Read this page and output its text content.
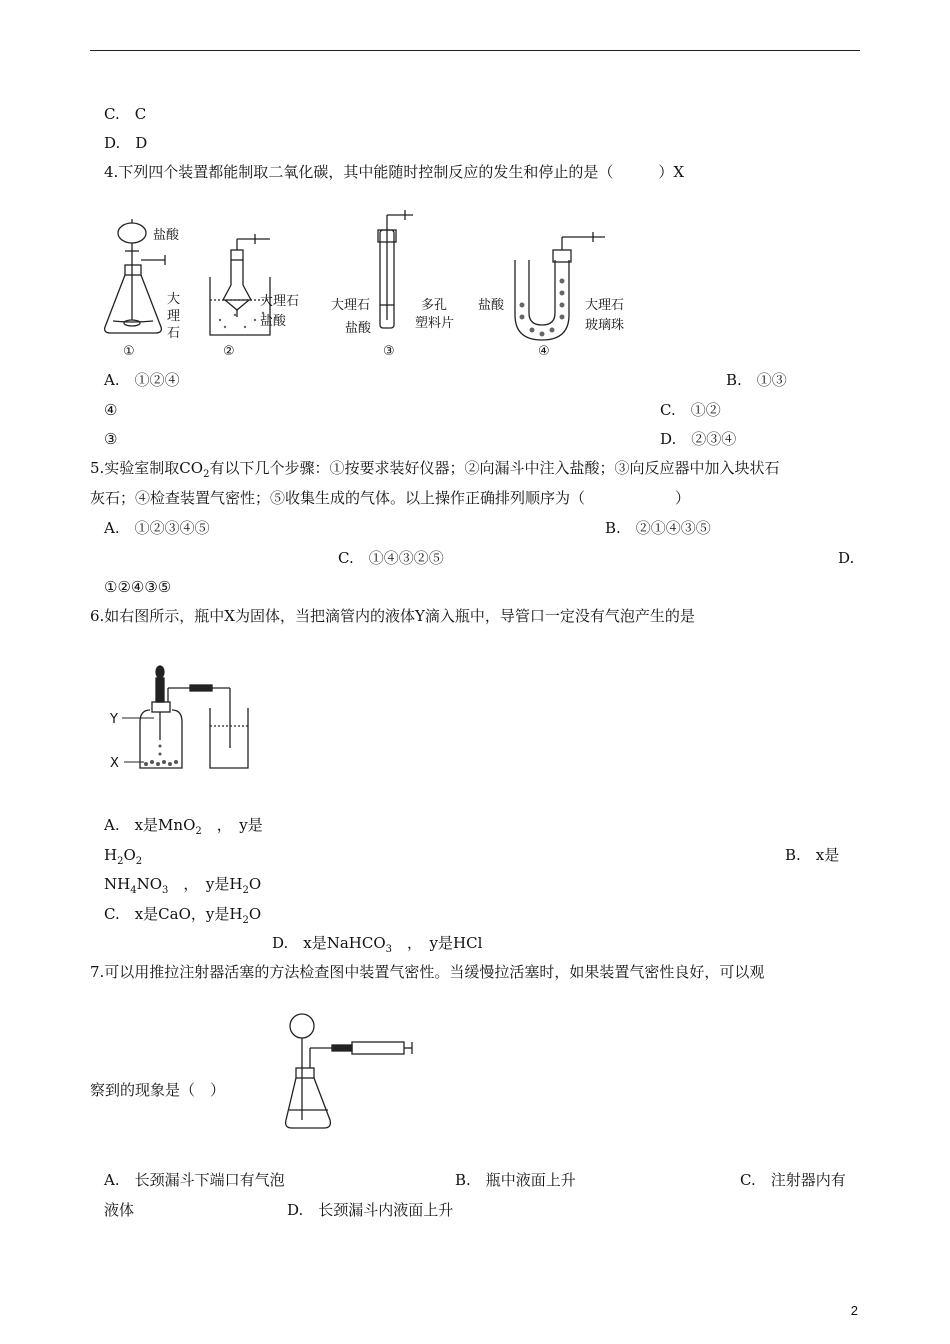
C.　C
D.　D
4.下列四个装置都能制取二氧化碳，其中能随时控制反应的发生和停止的是（　　　）X
盐酸
大
理
石
①
大理石
盐酸
②
大理石
盐酸
多孔
塑料片
③
盐酸	大理石
玻璃珠
④
A.　①②④	B.　①③
④	C.　①②
③	D.　②③④
5.实验室制取$CO_2$有以下几个步骤：①按要求装好仪器；②向漏斗中注入盐酸；③向反应器中加入块状石
灰石；④检查装置气密性；⑤收集生成的气体。以上操作正确排列顺序为（　　　　　　）
A.　①②③④⑤	B.　②①④③⑤
C.　①④③②⑤	D.
①②④③⑤
6.如右图所示，瓶中X为固体，当把滴管内的液体Y滴入瓶中，导管口一定没有气泡产生的是
Y
X
A.　x是MnO$_2$　，　y是
$H_2O_2$	B.　x是
$NH_4NO_3$　，　y是$H_2O$
C.　x是CaO，y是$H_2O$
D.　x是NaHCO$_3$　，　y是HCl
7.可以用推拉注射器活塞的方法检查图中装置气密性。当缓慢拉活塞时，如果装置气密性良好，可以观
察到的现象是（　）
A.　长颈漏斗下端口有气泡	B.　瓶中液面上升	C.　注射器内有
液体	D.　长颈漏斗内液面上升
2
